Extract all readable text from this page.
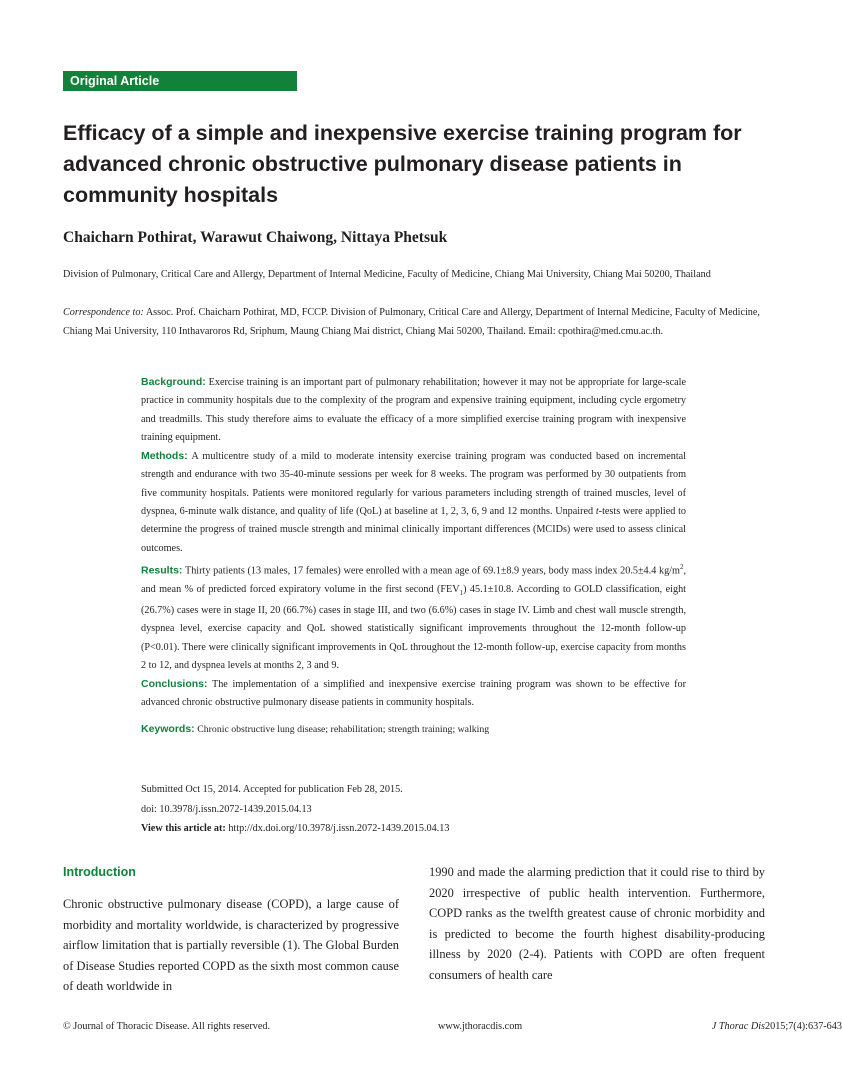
Original Article
Efficacy of a simple and inexpensive exercise training program for advanced chronic obstructive pulmonary disease patients in community hospitals
Chaicharn Pothirat, Warawut Chaiwong, Nittaya Phetsuk
Division of Pulmonary, Critical Care and Allergy, Department of Internal Medicine, Faculty of Medicine, Chiang Mai University, Chiang Mai 50200, Thailand
Correspondence to: Assoc. Prof. Chaicharn Pothirat, MD, FCCP. Division of Pulmonary, Critical Care and Allergy, Department of Internal Medicine, Faculty of Medicine, Chiang Mai University, 110 Inthavaroros Rd, Sriphum, Maung Chiang Mai district, Chiang Mai 50200, Thailand. Email: cpothira@med.cmu.ac.th.

Background: Exercise training is an important part of pulmonary rehabilitation; however it may not be appropriate for large-scale practice in community hospitals due to the complexity of the program and expensive training equipment, including cycle ergometry and treadmills. This study therefore aims to evaluate the efficacy of a more simplified exercise training program with inexpensive training equipment.

Methods: A multicentre study of a mild to moderate intensity exercise training program was conducted based on incremental strength and endurance with two 35-40-minute sessions per week for 8 weeks. The program was performed by 30 outpatients from five community hospitals. Patients were monitored regularly for various parameters including strength of trained muscles, level of dyspnea, 6-minute walk distance, and quality of life (QoL) at baseline at 1, 2, 3, 6, 9 and 12 months. Unpaired t-tests were applied to determine the progress of trained muscle strength and minimal clinically important differences (MCIDs) were used to assess clinical outcomes.

Results: Thirty patients (13 males, 17 females) were enrolled with a mean age of 69.1±8.9 years, body mass index 20.5±4.4 $kg/m^2$, and mean % of predicted forced expiratory volume in the first second $(FEV_1)$ 45.1±10.8. According to GOLD classification, eight (26.7%) cases were in stage II, 20 (66.7%) cases in stage III, and two (6.6%) cases in stage IV. Limb and chest wall muscle strength, dyspnea level, exercise capacity and QoL showed statistically significant improvements throughout the 12-month follow-up (P<0.01). There were clinically significant improvements in QoL throughout the 12-month follow-up, exercise capacity from months 2 to 12, and dyspnea levels at months 2, 3 and 9.

Conclusions: The implementation of a simplified and inexpensive exercise training program was shown to be effective for advanced chronic obstructive pulmonary disease patients in community hospitals.

Keywords: Chronic obstructive lung disease; rehabilitation; strength training; walking

Submitted Oct 15, 2014. Accepted for publication Feb 28, 2015.
doi: 10.3978/j.issn.2072-1439.2015.04.13
View this article at: http://dx.doi.org/10.3978/j.issn.2072-1439.2015.04.13
Introduction

Chronic obstructive pulmonary disease (COPD), a large cause of morbidity and mortality worldwide, is characterized by progressive airflow limitation that is partially reversible (1). The Global Burden of Disease Studies reported COPD as the sixth most common cause of death worldwide in

1990 and made the alarming prediction that it could rise to third by 2020 irrespective of public health intervention. Furthermore, COPD ranks as the twelfth greatest cause of chronic morbidity and is predicted to become the fourth highest disability-producing illness by 2020 (2-4). Patients with COPD are often frequent consumers of health care

© Journal of Thoracic Disease. All rights reserved.	www.jthoracdis.com	J Thorac Dis 2015;7(4):637-643
